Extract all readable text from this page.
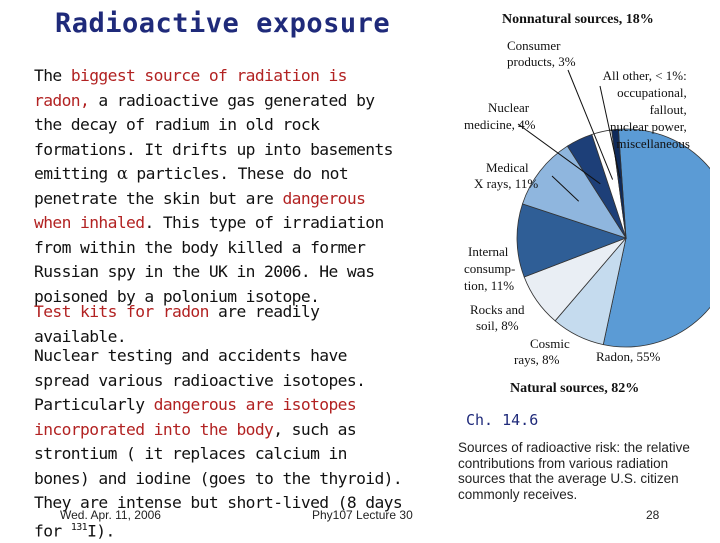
Radioactive exposure
The biggest source of radiation is radon, a radioactive gas generated by the decay of radium in old rock formations. It drifts up into basements emitting α particles. These do not penetrate the skin but are dangerous when inhaled. This type of irradiation from within the body killed a former Russian spy in the UK in 2006. He was poisoned by a polonium isotope.
Test kits for radon are readily available.
Nuclear testing and accidents have spread various radioactive isotopes. Particularly dangerous are isotopes incorporated into the body, such as strontium ( it replaces calcium in bones) and iodine (goes to the thyroid). They are intense but short-lived (8 days for $^{131}$I).
Nonnatural sources, 18%
Consumer products, 3%
All other, < 1%: occupational, fallout, nuclear power, miscellaneous
Nuclear medicine, 4%
Medical X rays, 11%
Internal consump- tion, 11%
Rocks and soil, 8%
Cosmic rays, 8%	Radon, 55%
Natural sources, 82%
Ch. 14.6
Sources of radioactive risk: the relative contributions from various radiation sources that the average U.S. citizen commonly receives.
Wed. Apr. 11, 2006	Phy107 Lecture 30	28
